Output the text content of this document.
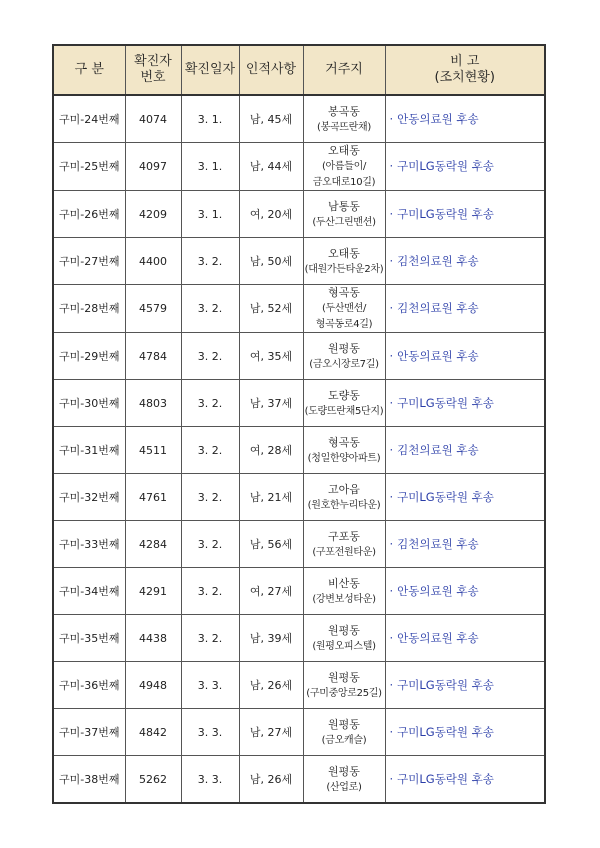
구 분	확진자
번호	확진일자	인적사항	거주지	비 고
(조치현황)
구미-24번째	4074	3. 1.	남, 45세	봉곡동
(봉곡뜨란채)	· 안동의료원 후송
구미-25번째	4097	3. 1.	남, 44세	오태동
(아름들이/
금오대로10길)	· 구미LG동락원 후송
구미-26번째	4209	3. 1.	여, 20세	남통동
(두산그린맨션)	· 구미LG동락원 후송
구미-27번째	4400	3. 2.	남, 50세	오태동
(대원가든타운2차)	· 김천의료원 후송
구미-28번째	4579	3. 2.	남, 52세	형곡동
(두산맨션/
형곡동로4길)	· 김천의료원 후송
구미-29번째	4784	3. 2.	여, 35세	원평동
(금오시장로7길)	· 안동의료원 후송
구미-30번째	4803	3. 2.	남, 37세	도량동
(도량뜨란채5단지)	· 구미LG동락원 후송
구미-31번째	4511	3. 2.	여, 28세	형곡동
(청일한양아파트)	· 김천의료원 후송
구미-32번째	4761	3. 2.	남, 21세	고아읍
(원호한누리타운)	· 구미LG동락원 후송
구미-33번째	4284	3. 2.	남, 56세	구포동
(구포전원타운)	· 김천의료원 후송
구미-34번째	4291	3. 2.	여, 27세	비산동
(강변보성타운)	· 안동의료원 후송
구미-35번째	4438	3. 2.	남, 39세	원평동
(원평오피스텔)	· 안동의료원 후송
구미-36번째	4948	3. 3.	남, 26세	원평동
(구미중앙로25길)	· 구미LG동락원 후송
구미-37번째	4842	3. 3.	남, 27세	원평동
(금오캐슬)	· 구미LG동락원 후송
구미-38번째	5262	3. 3.	남, 26세	원평동
(산업로)	· 구미LG동락원 후송
